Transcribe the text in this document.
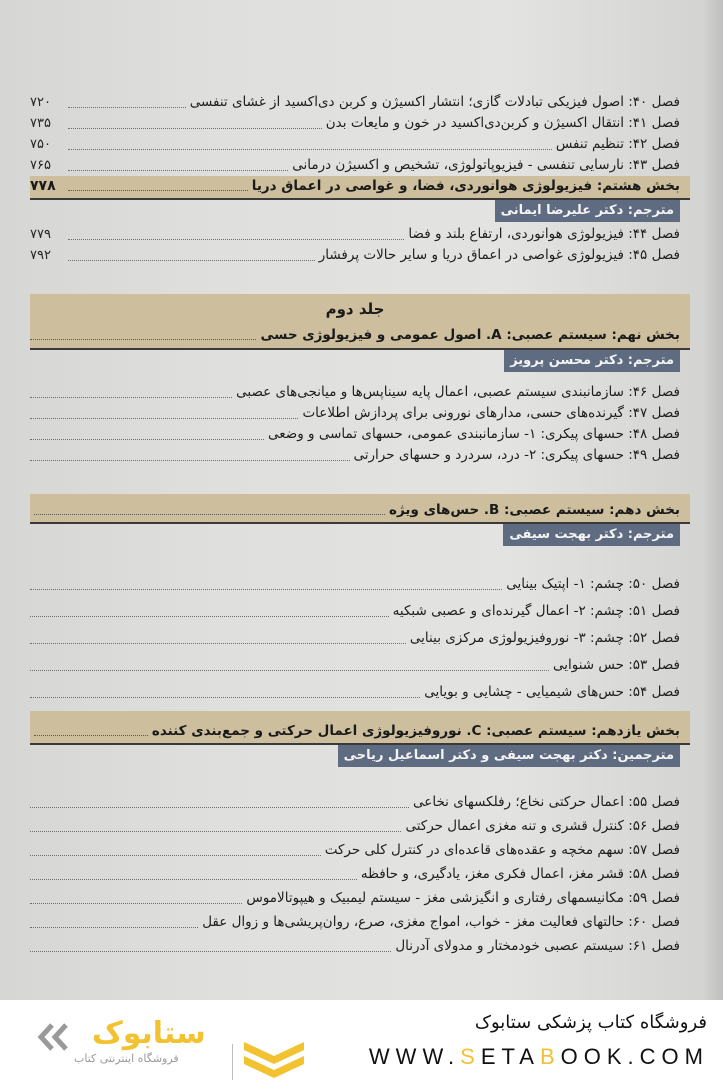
فصل ۴۰: اصول فیزیکی تبادلات گازی؛ انتشار اکسیژن و کربن دی‌اکسید از غشای تنفسی
۷۲۰
فصل ۴۱: انتقال اکسیژن و کربن‌دی‌اکسید در خون و مایعات بدن
۷۳۵
فصل ۴۲: تنظیم تنفس
۷۵۰
فصل ۴۳: نارسایی تنفسی - فیزیوپاتولوژی، تشخیص و اکسیژن درمانی
۷۶۵
بخش هشتم: فیزیولوژی هوانوردی، فضا، و غواصی در اعماق دریا
۷۷۸
مترجم: دکتر علیرضا ایمانی
فصل ۴۴: فیزیولوژی هوانوردی، ارتفاع بلند و فضا
۷۷۹
فصل ۴۵: فیزیولوژی غواصی در اعماق دریا و سایر حالات پرفشار
۷۹۲
جلد دوم
بخش نهم: سیستم عصبی: A. اصول عمومی و فیزیولوژی حسی
مترجم: دکتر محسن پرویز
فصل ۴۶: سازمانبندی سیستم عصبی، اعمال پایه سیناپس‌ها و میانجی‌های عصبی
فصل ۴۷: گیرنده‌های حسی، مدارهای نورونی برای پردازش اطلاعات
فصل ۴۸: حسهای پیکری: ۱- سازمانبندی عمومی، حسهای تماسی و وضعی
فصل ۴۹: حسهای پیکری: ۲- درد، سردرد و حسهای حرارتی
بخش دهم: سیستم عصبی: B. حس‌های ویژه
مترجم: دکتر بهجت سیفی
فصل ۵۰: چشم: ۱- اپتیک بینایی
فصل ۵۱: چشم: ۲- اعمال گیرنده‌ای و عصبی شبکیه
فصل ۵۲: چشم: ۳- نوروفیزیولوژی مرکزی بینایی
فصل ۵۳: حس شنوایی
فصل ۵۴: حس‌های شیمیایی - چشایی و بویایی
بخش یازدهم: سیستم عصبی: C. نوروفیزیولوژی اعمال حرکتی و جمع‌بندی کننده
مترجمین: دکتر بهجت سیفی و دکتر اسماعیل ریاحی
فصل ۵۵: اعمال حرکتی نخاع؛ رفلکسهای نخاعی
فصل ۵۶: کنترل قشری و تنه مغزی اعمال حرکتی
فصل ۵۷: سهم مخچه و عقده‌های قاعده‌ای در کنترل کلی حرکت
فصل ۵۸: قشر مغز، اعمال فکری مغز، یادگیری، و حافظه
فصل ۵۹: مکانیسمهای رفتاری و انگیزشی مغز - سیستم لیمبیک و هیپوتالاموس
فصل ۶۰: حالتهای فعالیت مغز - خواب، امواج مغزی، صرع، روان‌پریشی‌ها و زوال عقل
فصل ۶۱: سیستم عصبی خودمختار و مدولای آدرنال
ستابوک
فروشگاه اینترنتی کتاب
فروشگاه کتاب پزشکی ستابوک
WWW.SETABOOK.COM
